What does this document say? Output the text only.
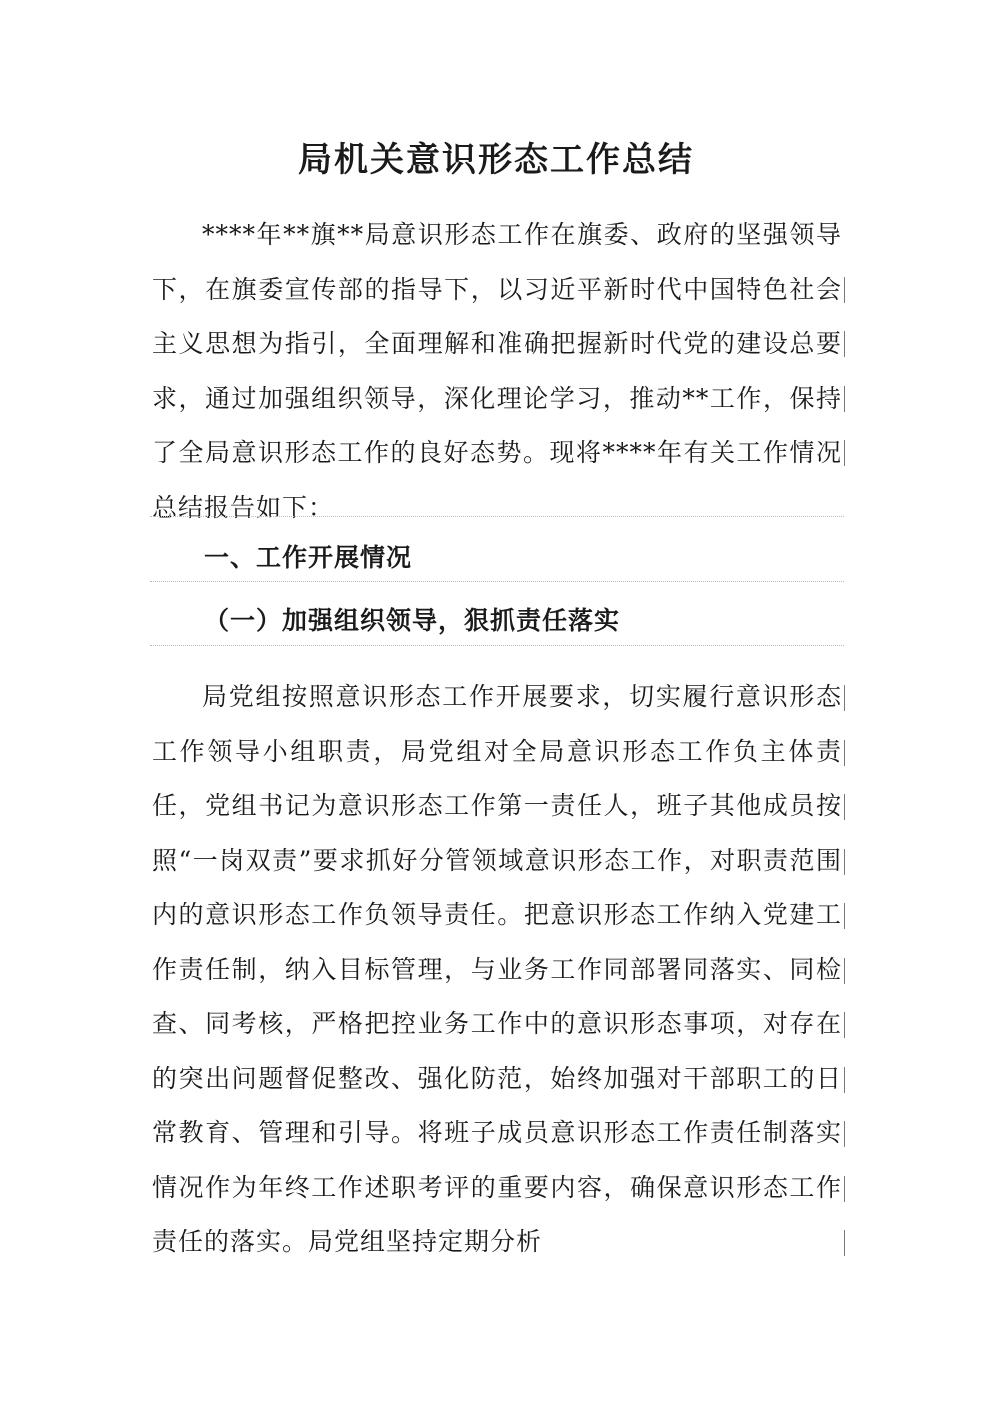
局机关意识形态工作总结
****年**旗**局意识形态工作在旗委、政府的坚强领导下，在旗委宣传部的指导下，以习近平新时代中国特色社会主义思想为指引，全面理解和准确把握新时代党的建设总要求，通过加强组织领导，深化理论学习，推动**工作，保持了全局意识形态工作的良好态势。现将****年有关工作情况总结报告如下：
一、工作开展情况
（一）加强组织领导，狠抓责任落实
局党组按照意识形态工作开展要求，切实履行意识形态工作领导小组职责，局党组对全局意识形态工作负主体责任，党组书记为意识形态工作第一责任人，班子其他成员按照“一岗双责”要求抓好分管领域意识形态工作，对职责范围内的意识形态工作负领导责任。把意识形态工作纳入党建工作责任制，纳入目标管理，与业务工作同部署同落实、同检查、同考核，严格把控业务工作中的意识形态事项，对存在的突出问题督促整改、强化防范，始终加强对干部职工的日常教育、管理和引导。将班子成员意识形态工作责任制落实情况作为年终工作述职考评的重要内容，确保意识形态工作责任的落实。局党组坚持定期分析
